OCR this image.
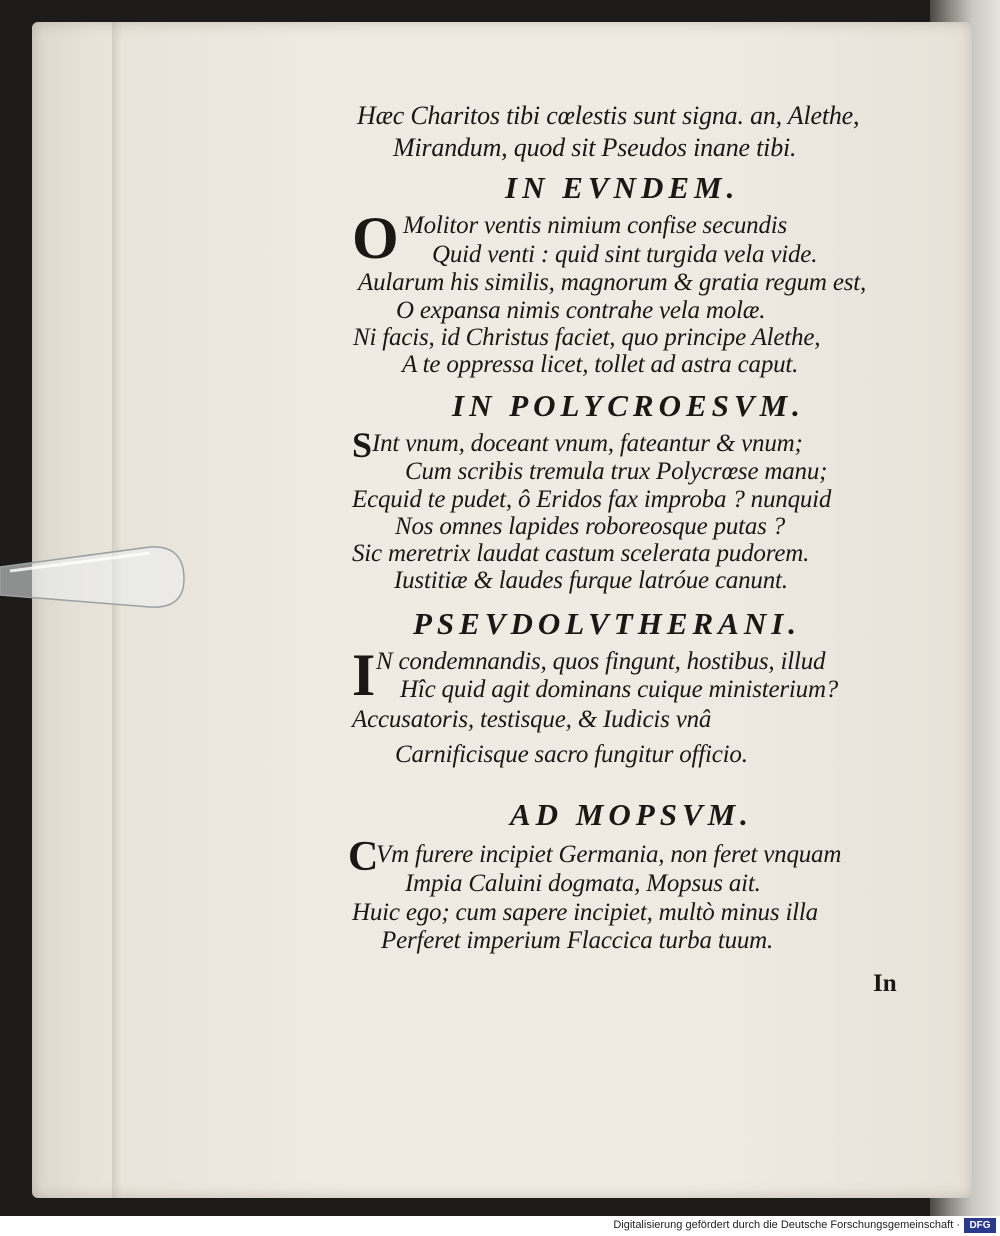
Hæc Charitos tibi cœlestis sunt signa. an, Alethe,
Mirandum, quod sit Pseudos inane tibi.
IN EVNDEM.
O Molitor ventis nimium confise secundis
Quid venti : quid sint turgida vela vide.
Aularum his similis, magnorum & gratia regum est,
O expansa nimis contrahe vela molæ.
Ni facis, id Christus faciet, quo principe Alethe,
A te oppressa licet, tollet ad astra caput.
IN POLYCROESVM.
S Int vnum, doceant vnum, fateantur & vnum;
Cum scribis tremula trux Polycrœse manu;
Ecquid te pudet, ô Eridos fax improba ? nunquid
Nos omnes lapides roboreosque putas ?
Sic meretrix laudat castum scelerata pudorem.
Iustitiæ & laudes furque latróue canunt.
PSEVDOLVTHERANI.
I N condemnandis, quos fingunt, hostibus, illud
Hîc quid agit dominans cuique ministerium?
Accusatoris, testisque, & Iudicis vnâ
Carnificisque sacro fungitur officio.
AD MOPSVM.
C
Vm furere incipiet Germania, non feret vnquam
Impia Caluini dogmata, Mopsus ait.
Huic ego; cum sapere incipiet, multò minus illa
Perferet imperium Flaccica turba tuum.
In
Digitalisierung gefördert durch die Deutsche Forschungsgemeinschaft · DFG
